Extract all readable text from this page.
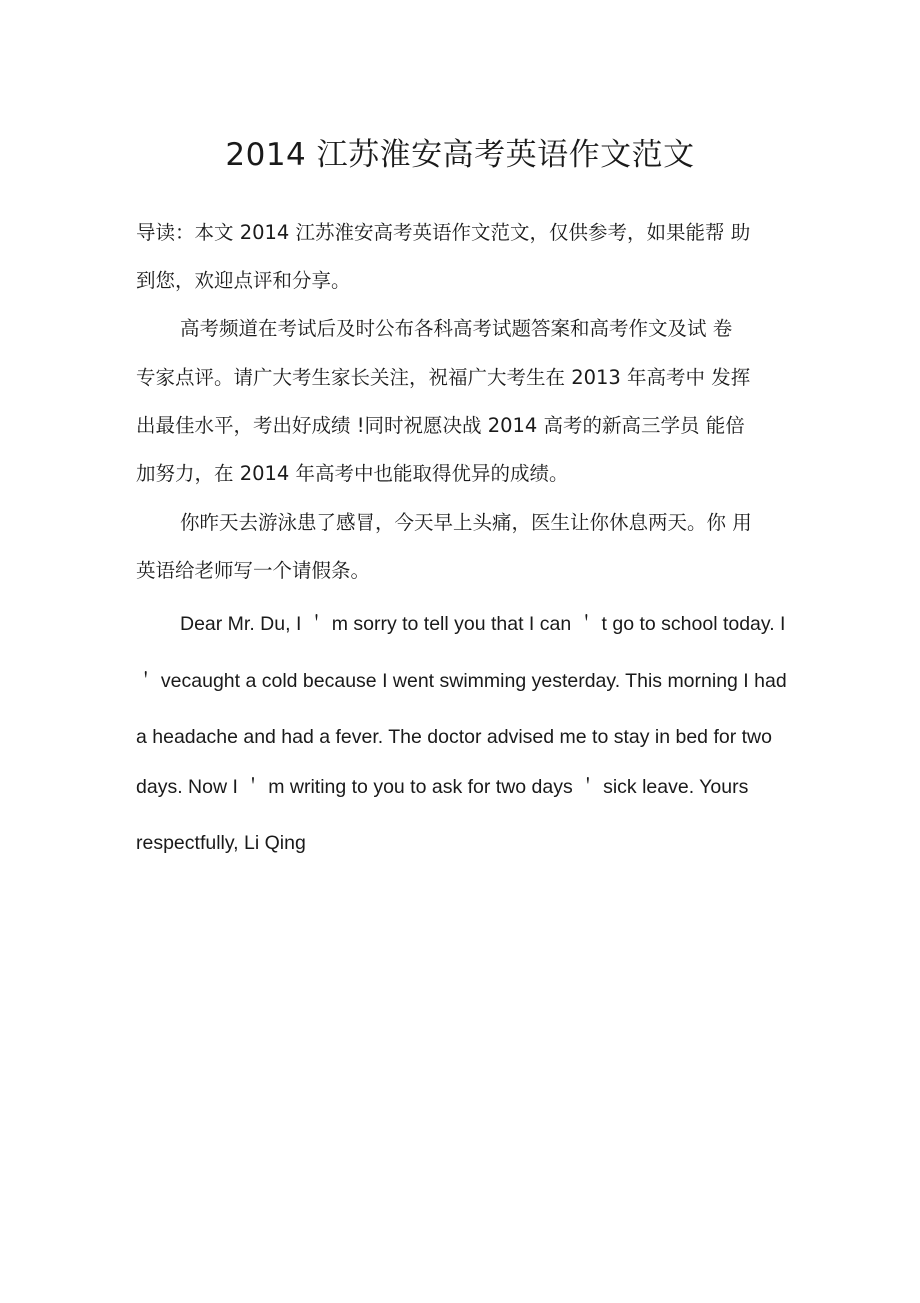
2014 江苏淮安高考英语作文范文

导读：本文 2014 江苏淮安高考英语作文范文，仅供参考，如果能帮 助

到您，欢迎点评和分享。

高考频道在考试后及时公布各科高考试题答案和高考作文及试 卷

专家点评。请广大考生家长关注，祝福广大考生在 2013 年高考中 发挥

出最佳水平，考出好成绩 !同时祝愿决战 2014 高考的新高三学员 能倍

加努力，在 2014 年高考中也能取得优异的成绩。

你昨天去游泳患了感冒，今天早上头痛，医生让你休息两天。你 用

英语给老师写一个请假条。

Dear Mr. Du, I ＇ m sorry to tell you that I can ＇ t go to school today. I

＇ vecaught a cold because I went swimming yesterday. This morning I had

a headache and had a fever. The doctor advised me to stay in bed for two

days. Now I ＇ m writing to you to ask for two days ＇ sick leave. Yours

respectfully, Li Qing
